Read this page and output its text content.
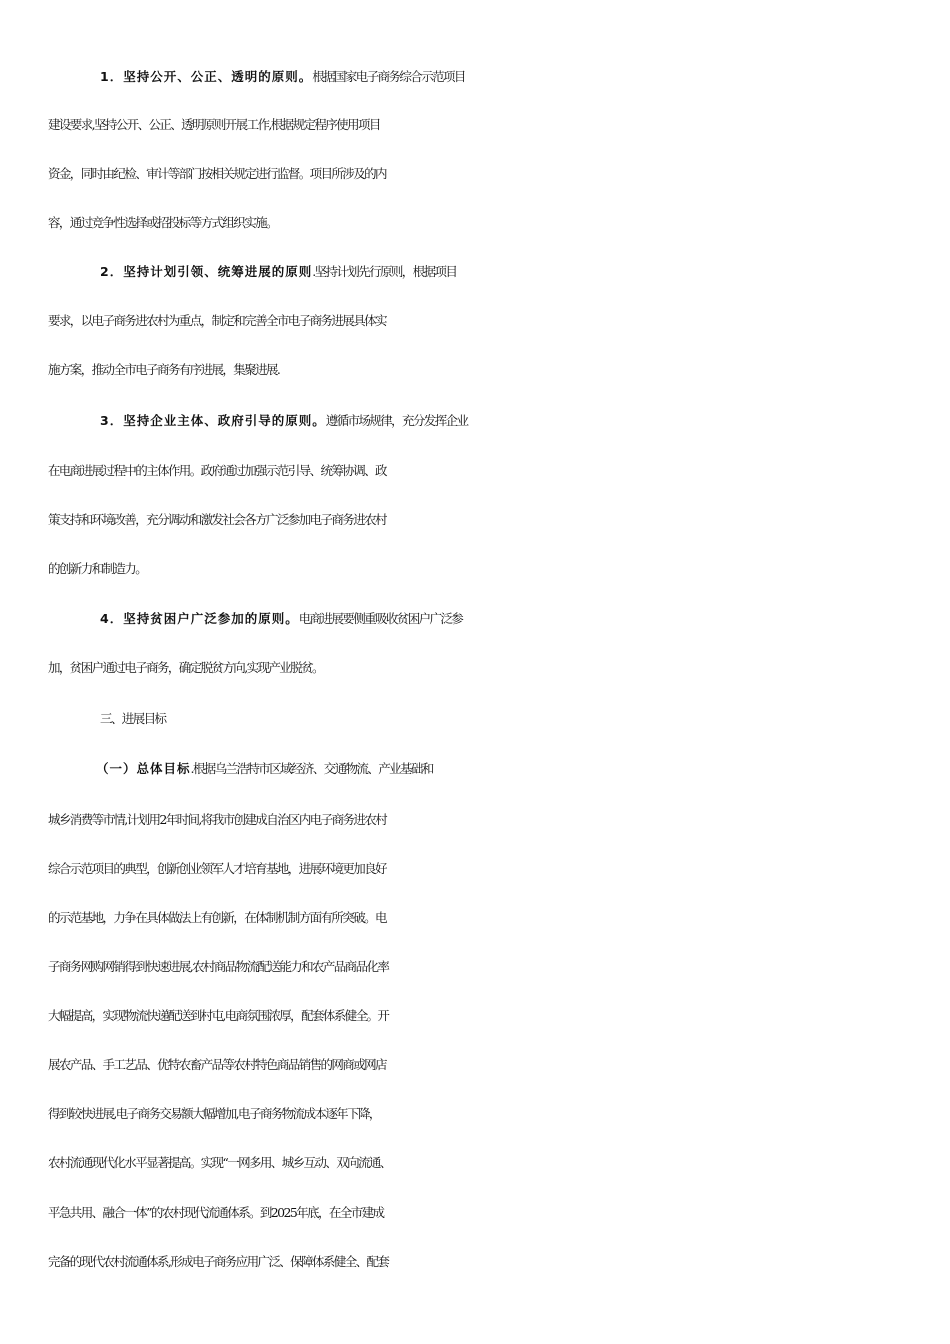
1．坚持公开、公正、透明的原则。根据国家电子商务综合示范项目
建设要求,坚持公开、公正、透明原则开展工作,根据规定程序使用项目
资金，同时由纪检、审计等部门按相关规定进行监督。项目所涉及的内
容，通过竞争性选择或招投标等方式组织实施。
2．坚持计划引领、统筹进展的原则.坚持计划先行原则，根据项目
要求，以电子商务进农村为重点，制定和完善全市电子商务进展具体实
施方案，推动全市电子商务有序进展，集聚进展.
3．坚持企业主体、政府引导的原则。遵循市场规律，充分发挥企业
在电商进展过程中的主体作用。政府通过加强示范引导、统筹协调、政
策支持和环境改善，充分调动和激发社会各方广泛参加电子商务进农村
的创新力和制造力。
4．坚持贫困户广泛参加的原则。电商进展要侧重吸收贫困户广泛参
加，贫困户通过电子商务，确定脱贫方向,实现产业脱贫。
三、进展目标
（一）总体目标.根据乌兰浩特市区域经济、交通物流、产业基础和
城乡消费等市情,计划用2年时间,将我市创建成自治区内电子商务进农村
综合示范项目的典型，创新创业领军人才培育基地，进展环境更加良好
的示范基地，力争在具体做法上有创新，在体制机制方面有所突破。电
子商务网购网销得到快速进展,农村商品物流配送能力和农产品商品化率
大幅提高，实现物流快递配送到村屯,电商氛围浓厚，配套体系健全。开
展农产品、手工艺品、优特农畜产品等农村特色商品销售的网商或网店
得到较快进展,电子商务交易额大幅增加,电子商务物流成本逐年下降，
农村流通现代化水平显著提高。实现“一网多用、城乡互动、双向流通、
平急共用、融合一体”的农村现代流通体系。到2025年底，在全市建成
完备的现代农村流通体系,形成电子商务应用广泛、保障体系健全、配套
